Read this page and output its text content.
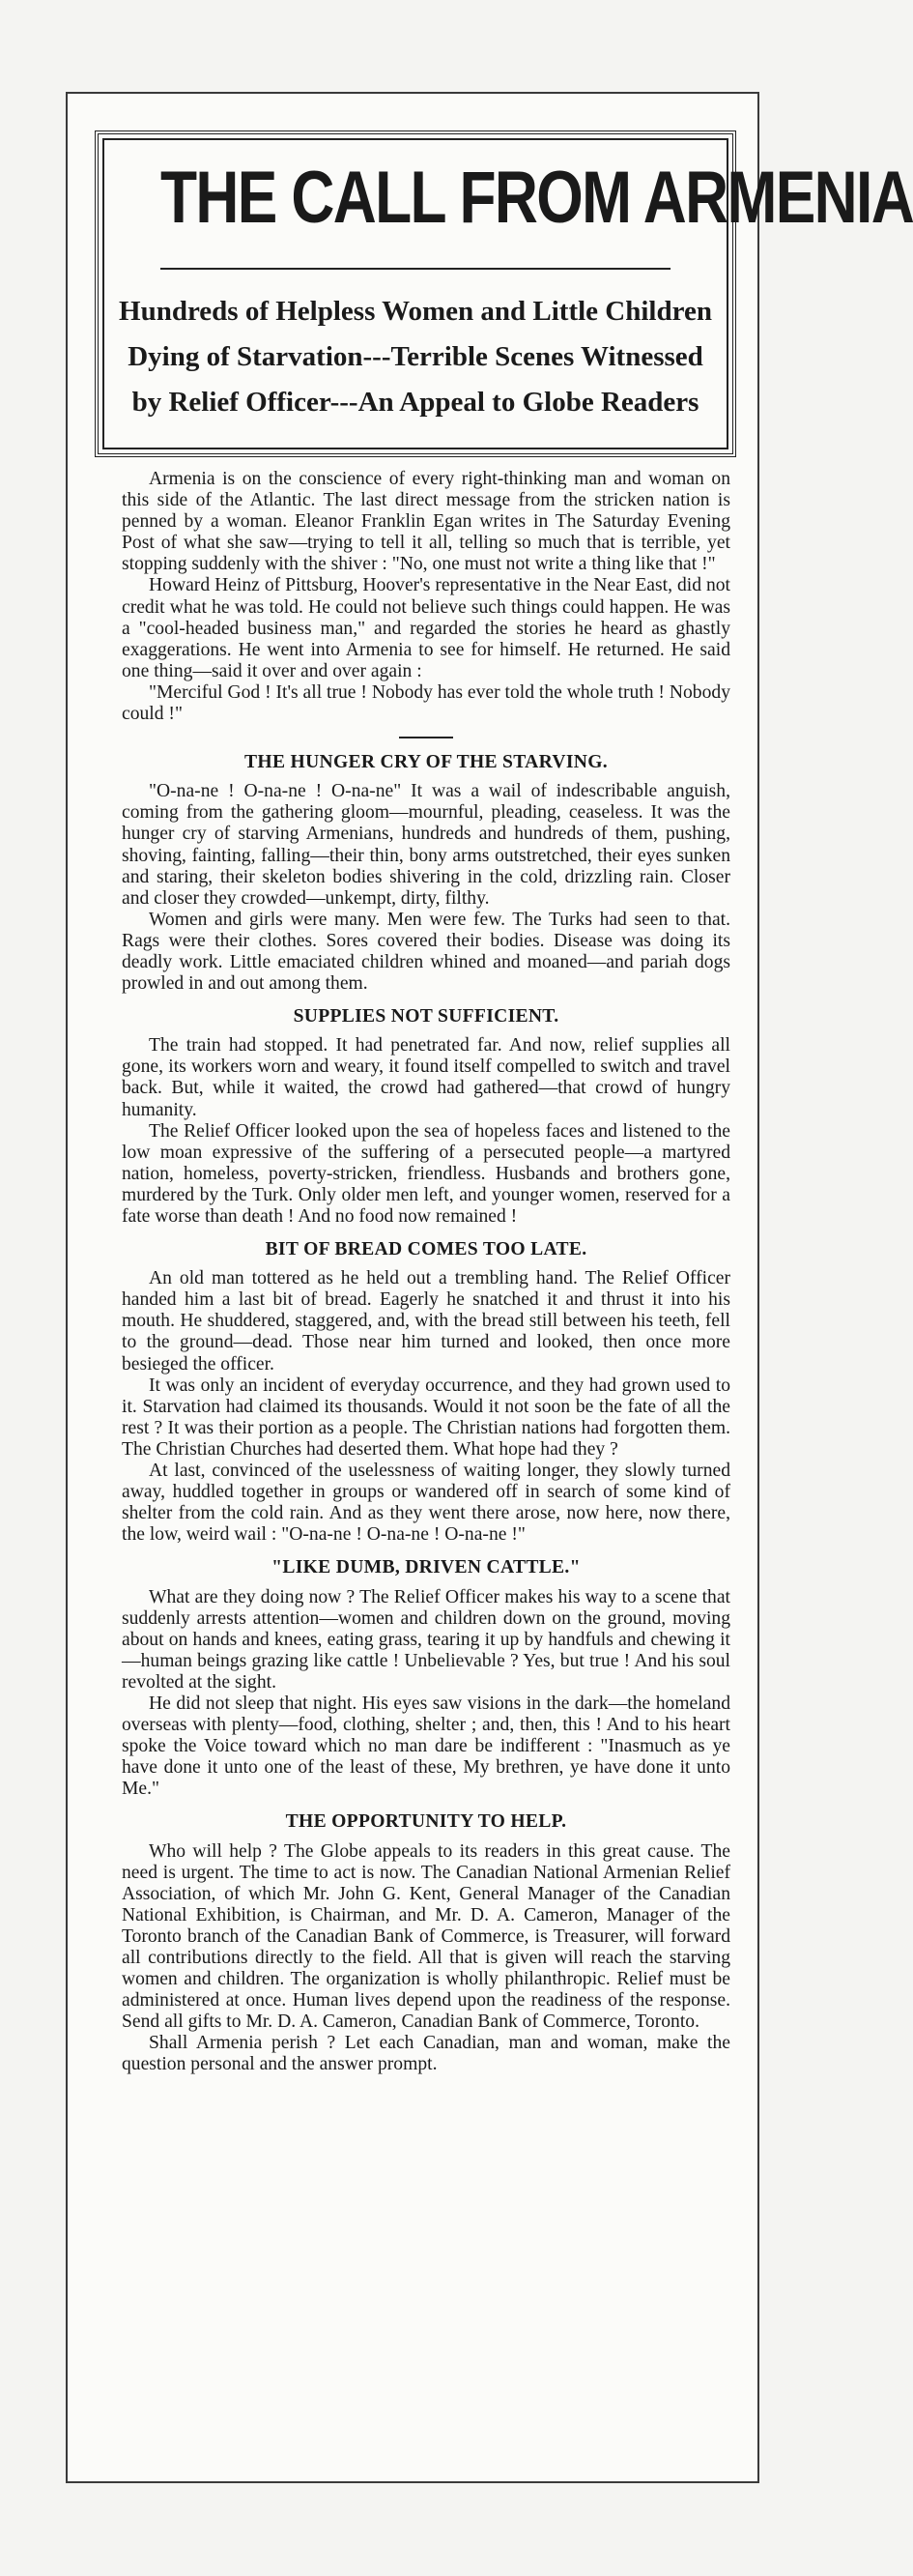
THE CALL FROM ARMENIA
Hundreds of Helpless Women and Little Children Dying of Starvation---Terrible Scenes Witnessed by Relief Officer---An Appeal to Globe Readers

Armenia is on the conscience of every right-thinking man and woman on this side of the Atlantic. The last direct message from the stricken nation is penned by a woman. Eleanor Franklin Egan writes in The Saturday Evening Post of what she saw—trying to tell it all, telling so much that is terrible, yet stopping suddenly with the shiver : "No, one must not write a thing like that !"

Howard Heinz of Pittsburg, Hoover's representative in the Near East, did not credit what he was told. He could not believe such things could happen. He was a "cool-headed business man," and regarded the stories he heard as ghastly exaggerations. He went into Armenia to see for himself. He returned. He said one thing—said it over and over again :

"Merciful God ! It's all true ! Nobody has ever told the whole truth ! Nobody could !"

THE HUNGER CRY OF THE STARVING.

"O-na-ne ! O-na-ne ! O-na-ne" It was a wail of indescribable anguish, coming from the gathering gloom—mournful, pleading, ceaseless. It was the hunger cry of starving Armenians, hundreds and hundreds of them, pushing, shoving, fainting, falling—their thin, bony arms outstretched, their eyes sunken and staring, their skeleton bodies shivering in the cold, drizzling rain. Closer and closer they crowded—unkempt, dirty, filthy.

Women and girls were many. Men were few. The Turks had seen to that. Rags were their clothes. Sores covered their bodies. Disease was doing its deadly work. Little emaciated children whined and moaned—and pariah dogs prowled in and out among them.

SUPPLIES NOT SUFFICIENT.

The train had stopped. It had penetrated far. And now, relief supplies all gone, its workers worn and weary, it found itself compelled to switch and travel back. But, while it waited, the crowd had gathered—that crowd of hungry humanity.

The Relief Officer looked upon the sea of hopeless faces and listened to the low moan expressive of the suffering of a persecuted people—a martyred nation, homeless, poverty-stricken, friendless. Husbands and brothers gone, murdered by the Turk. Only older men left, and younger women, reserved for a fate worse than death ! And no food now remained !

BIT OF BREAD COMES TOO LATE.

An old man tottered as he held out a trembling hand. The Relief Officer handed him a last bit of bread. Eagerly he snatched it and thrust it into his mouth. He shuddered, staggered, and, with the bread still between his teeth, fell to the ground—dead. Those near him turned and looked, then once more besieged the officer.

It was only an incident of everyday occurrence, and they had grown used to it. Starvation had claimed its thousands. Would it not soon be the fate of all the rest ? It was their portion as a people. The Christian nations had forgotten them. The Christian Churches had deserted them. What hope had they ?

At last, convinced of the uselessness of waiting longer, they slowly turned away, huddled together in groups or wandered off in search of some kind of shelter from the cold rain. And as they went there arose, now here, now there, the low, weird wail : "O-na-ne ! O-na-ne ! O-na-ne !"

"LIKE DUMB, DRIVEN CATTLE."

What are they doing now ? The Relief Officer makes his way to a scene that suddenly arrests attention—women and children down on the ground, moving about on hands and knees, eating grass, tearing it up by handfuls and chewing it—human beings grazing like cattle ! Unbelievable ? Yes, but true ! And his soul revolted at the sight.

He did not sleep that night. His eyes saw visions in the dark—the homeland overseas with plenty—food, clothing, shelter ; and, then, this ! And to his heart spoke the Voice toward which no man dare be indifferent : "Inasmuch as ye have done it unto one of the least of these, My brethren, ye have done it unto Me."

THE OPPORTUNITY TO HELP.

Who will help ? The Globe appeals to its readers in this great cause. The need is urgent. The time to act is now. The Canadian National Armenian Relief Association, of which Mr. John G. Kent, General Manager of the Canadian National Exhibition, is Chairman, and Mr. D. A. Cameron, Manager of the Toronto branch of the Canadian Bank of Commerce, is Treasurer, will forward all contributions directly to the field. All that is given will reach the starving women and children. The organization is wholly philanthropic. Relief must be administered at once. Human lives depend upon the readiness of the response. Send all gifts to Mr. D. A. Cameron, Canadian Bank of Commerce, Toronto.

Shall Armenia perish ? Let each Canadian, man and woman, make the question personal and the answer prompt.
